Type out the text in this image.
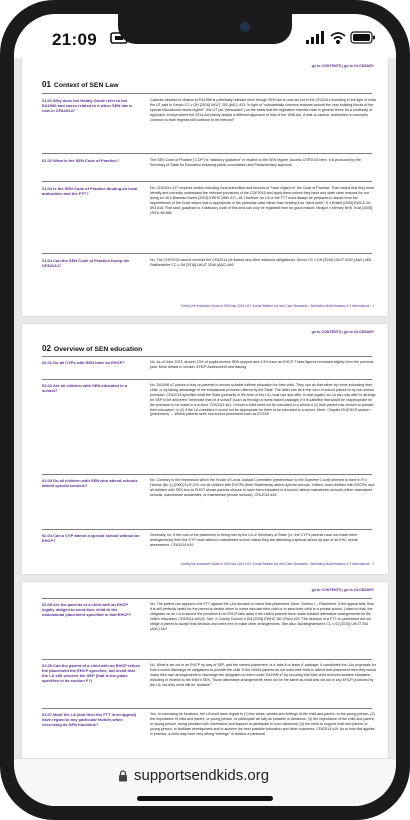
21:09
go to CONTENTS | go to GLOSSARY
01 Context of SEN Law
01.01 Why does the Hobby Guide refer to the EA1996 and cases related to it when SEN law is now in CFA2014?
Caselaw decided in relation to EA1996 is potentially relevant even though SEN law is now set out in the CFA2014 including in the light of what the UT said in Devon CC v OH [2016] UKUT 292 (AAC) #33 “In light of “substantially common features around the very building blocks of the special educational needs regime”, the UT (as “persuaded”) on the basis that the legislative intention was in general terms for a continuity of approach, except where the 2014 Act plainly adopts a different approach to that of the 1996 Act, it was of caution, authorities on concepts common to both regimes will continue to be relevant”.
01.02 What is the SEN Code of Practice?	The SEN Code of Practice (‘COP’) is “statutory guidance” in relation to the SEN regime. Access COP2015 here. It is produced by the Secretary of State for Education following public consultation and Parliamentary approval.
01.03 Is the SEN Code of Practice binding on local authorities and the FTT?
No. CFA2014 s77 requires bodies including local authorities and schools to “have regard to” the Code of Practice. That means that they must identify and correctly understand the relevant provisions of the COP2015 and apply them unless they have and state clear reasons for not doing so: W v Blaenau Gwent [2003] EWHC 2880 #17–18. However, an LA or the FTT must always be prepared to depart from the requirements of the Code where that is appropriate in the particular case rather than treating it as “strict rules”: E v Bristol [2005] EWCA Civ 693 #18. That said, guidance or a statutory code of this kind can only be regarded from for good reason: Mnajue v Mersey NHS Trust [2005] UKHL 58 #68.
01.04 Can the SEN Code of Practice trump the CFA2014?
No. The COP2015 cannot override the CFA2014 (or indeed any other statutory obligations): Devon CC v OH [2016] UKUT 0292 (AAC) #65, Staffordshire CC v JM [2016] UKUT 0246 (AAC) #46.
Hobby the extensive Guide to SEN law 2024 v.8.1 Social Welfare Act and Care Standards · Attribution-NoDerivatives 4.0 International · 1
go to CONTENTS | go to GLOSSARY
02 Overview of SEN education
02.01 Do all CYPs with SEN have an EHCP?	No. As of June 2023, around 13% of pupils receive SEN support and 4.3% have an EHCP. These figures increased slightly from the previous year. More details in section: EHCP Assessment and Issuing
02.02 Are all children with SEN educated in a school?
No. EA1996 s7 places a duty on parents to secure suitable fulltime education for their child. They can do that either by home-educating their child, or by taking advantage of the educational provision offered by the State. The latter can be in the form of school places or by non-school provision. CFA2014 specifies what the State (primarily in the form of the LA) must use and offer. In that regard, an LA can only offer to arrange for SEP to be delivered “otherwise than in a school” (such as through a home-based package) if it is satisfied that would be inappropriate for the provision to be made in a school: CFA2014 s61. Overall a child need not be educated in a school if (1) their parent has chosen to provide their education, or (2) if the LA considers it would not be appropriate for them to be educated in a school. More: Chapter 09 (EHCP section I (placement) → Where parents seek non-school placement such as EOTAS
02.03 Do all children with SEN who attend schools attend special schools?
No. Contrary to the impression which the House of Lords Judicial Committee (predecessor to the Supreme Court) seemed to have in R v Harrow (No 1) [2000] ELR 109, not all children with EHCPs (their Statements) attend special schools. Indeed, most children with EHCPs, and all children with SEN but no EHCP whose parents choose to have them educated in a school, attend mainstream schools (either maintained schools, mainstream academies, or mainstream private schools): CFA2014 s34.
02.04 Can a CYP attend a special school without an EHCP?
Generally, no. If the cost of the placement is being met by the LA or Secretary of State (i.e. the CYP’s parents have not made other arrangements) then the CYP must attend a mainstream school unless they are attending a special school as part of an EHC needs assessment: CFA2014 s34.
Hobby the extensive Guide to SEN law 2024 v.8.1 Social Welfare Act and Care Standards · Attribution-NoDerivatives 4.0 International · 2
go to CONTENTS | go to GLOSSARY
02.05 Are the parents of a child with an EHCP legally obliged to send their child to the educational placement specified in that EHCP?
No. The parent can appeal to the FTT against the LA’s decision to name that placement. More: Section I – Placement. If the appeal fails, then it is still perfectly lawful for the parent to decide either to home educate their child or to send their child to a private school. Linked to that, the obligation on an LA to secure the provision in an EHCP falls away if the child’s parents have made suitable alternative arrangements for the child’s education: CFA2014 s42(5). See: X County Council v DM [2005] EWHC 162 (Fam) #20 ‘The decision of a FTT on placement did not oblige a parent to accept that decision and were free to make other arrangements. See also: Buckinghamshire CC v SJ [2016] UKUT 254 (AAC) #14
02.06 Can the parent of a child with an EHCP refuse the placement the EHCP specifies, but insist that the LA still secures the SEP (that is the plans specifies in its section F?)
No. What is set out in an EHCP by way of SEP, and the named placement, is a ‘take it or leave it’ package. It constitutes the LA’s proposals for how it would discharge its obligations to provide the child. If the child’s parents do not want their child to attend that placement then they would make their own arrangements to discharge the obligation on them under EA1996 s7 by securing that their child receives suitable education, including in relation to the child’s SEN. Those alternative arrangements need not be the same as what was set out in any EHCP produced by the LA, but they must still be “suitable”.
02.07 Must the LA (and then the FTT in an appeal) have regard to any particular factors when exercising its SEN functions?
Yes. In exercising its functions, the LA must have regard to (1) the views, wishes and feelings of the child and parent, or the young person, (2) the importance of child and parent, or young person, to participate as fully as possible in decisions, (3) the importance of the child and parent, or young person, being provided with information and support to participate in such decisions, (4) the need to support child and parent, or young person, to facilitate development and to achieve the best possible education and other outcomes: CFA2014 s19. As to how this applies in practice, a child may have very strong “feelings” in relation a particular
supportsendkids.org
